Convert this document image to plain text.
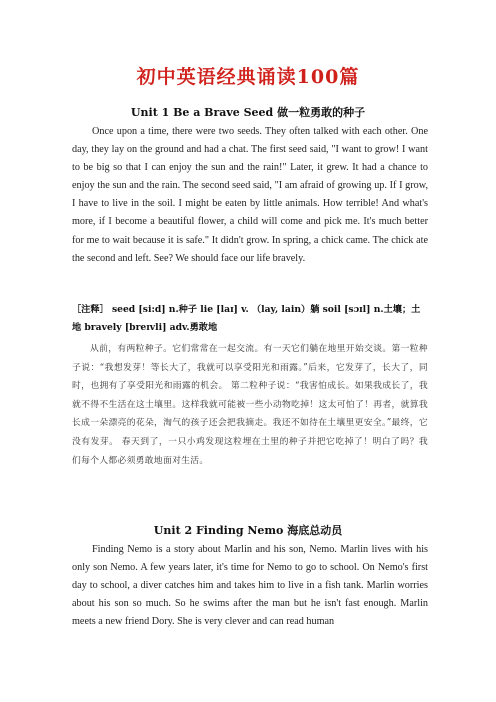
初中英语经典诵读100篇
Unit 1 Be a Brave Seed 做一粒勇敢的种子

Once upon a time, there were two seeds. They often talked with each other. One day, they lay on the ground and had a chat. The first seed said, "I want to grow! I want to be big so that I can enjoy the sun and the rain!" Later, it grew. It had a chance to enjoy the sun and the rain. The second seed said, "I am afraid of growing up. If I grow, I have to live in the soil. I might be eaten by little animals. How terrible! And what's more, if I become a beautiful flower, a child will come and pick me. It's much better for me to wait because it is safe." It didn't grow. In spring, a chick came. The chick ate the second and left. See? We should face our life bravely.

［注释］ seed [si:d] n.种子 lie [laɪ] v. （lay, lain）躺 soil [sɔɪl] n.土壤；土地 bravely [breɪvli] adv.勇敢地

从前，有两粒种子。它们常常在一起交流。有一天它们躺在地里开始交谈。第一粒种子说：“我想发芽！等长大了，我就可以享受阳光和雨露。”后来，它发芽了，长大了，同时，也拥有了享受阳光和雨露的机会。 第二粒种子说：“我害怕成长。如果我成长了，我就不得不生活在这土壤里。这样我就可能被一些小动物吃掉！这太可怕了！再者，就算我长成一朵漂亮的花朵，淘气的孩子还会把我摘走。我还不如待在土壤里更安全。”最终，它没有发芽。 春天到了，一只小鸡发现这粒埋在土里的种子并把它吃掉了！明白了吗？我们每个人都必须勇敢地面对生活。

Unit 2 Finding Nemo 海底总动员

Finding Nemo is a story about Marlin and his son, Nemo. Marlin lives with his only son Nemo. A few years later, it's time for Nemo to go to school. On Nemo's first day to school, a diver catches him and takes him to live in a fish tank. Marlin worries about his son so much. So he swims after the man but he isn't fast enough. Marlin meets a new friend Dory. She is very clever and can read human
